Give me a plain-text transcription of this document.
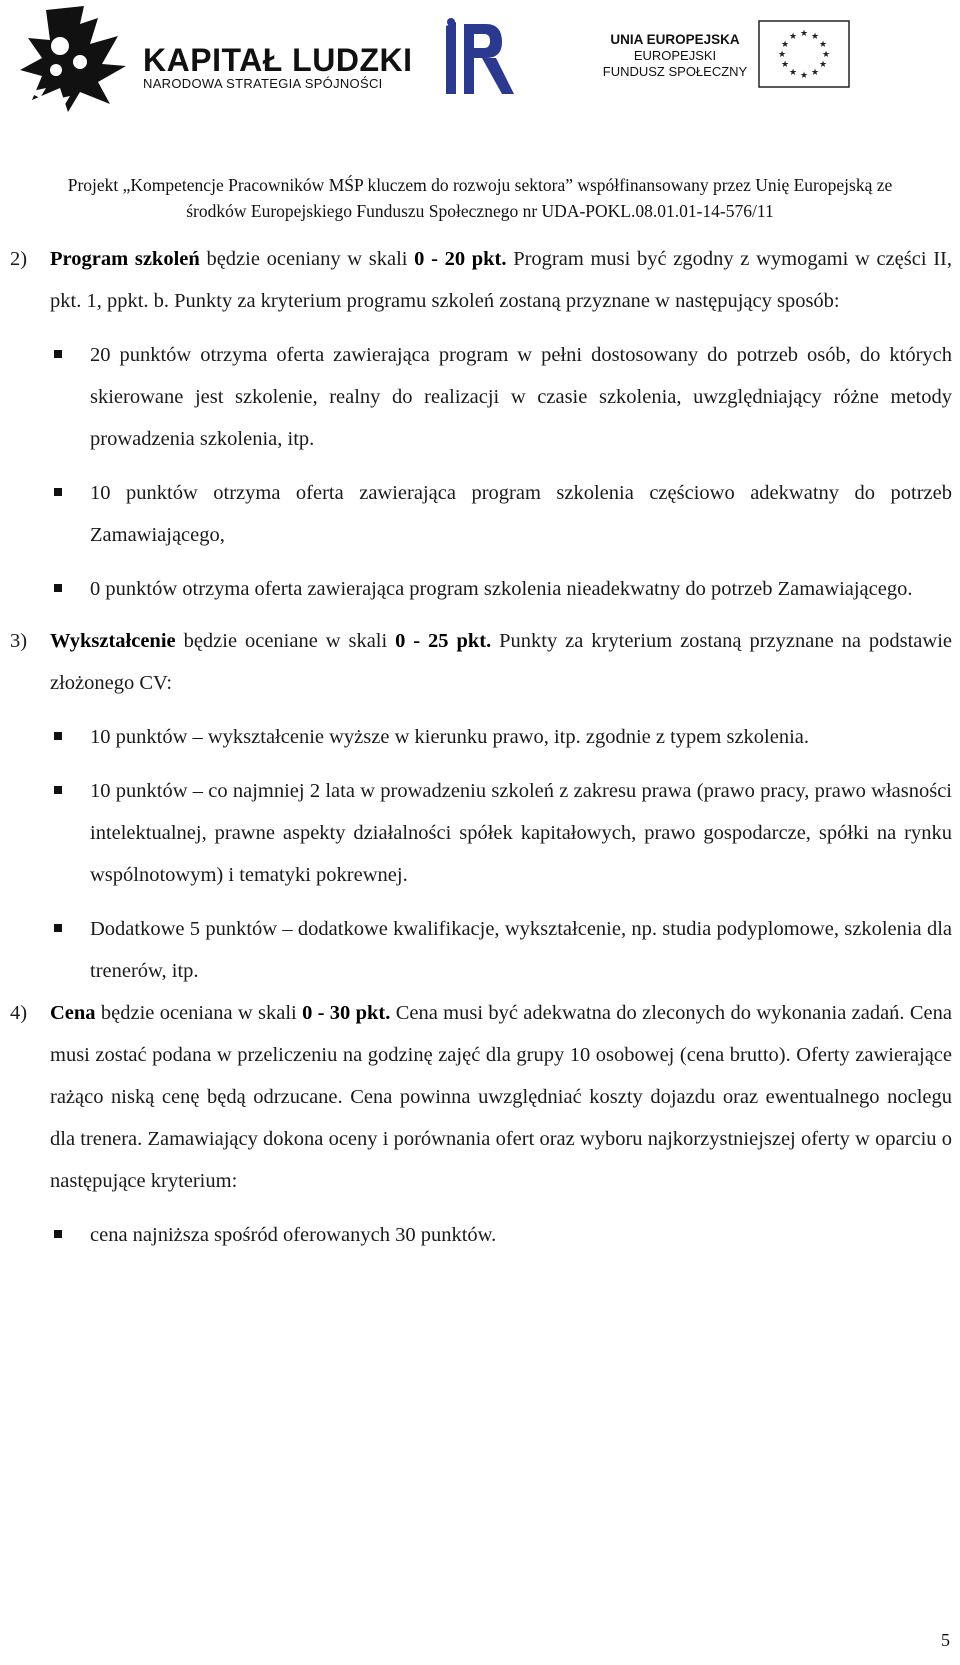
KAPITAŁ LUDZKI
NARODOWA STRATEGIA SPÓJNOŚCI
UNIA EUROPEJSKA
EUROPEJSKI
FUNDUSZ SPOŁECZNY
★ ★
★
★
★
★
★
★
★
★
★
★
Projekt „Kompetencje Pracowników MŚP kluczem do rozwoju sektora” współfinansowany przez Unię Europejską ze
środków Europejskiego Funduszu Społecznego nr UDA-POKL.08.01.01-14-576/11
2) Program szkoleń będzie oceniany w skali 0 - 20 pkt. Program musi być zgodny z wymogami w części II, pkt. 1, ppkt. b. Punkty za kryterium programu szkoleń zostaną przyznane w następujący sposób:
20 punktów otrzyma oferta zawierająca program w pełni dostosowany do potrzeb osób, do których skierowane jest szkolenie, realny do realizacji w czasie szkolenia, uwzględniający różne metody prowadzenia szkolenia, itp.
10 punktów otrzyma oferta zawierająca program szkolenia częściowo adekwatny do potrzeb Zamawiającego,
0 punktów otrzyma oferta zawierająca program szkolenia nieadekwatny do potrzeb Zamawiającego.
3) Wykształcenie będzie oceniane w skali 0 - 25 pkt. Punkty za kryterium zostaną przyznane na podstawie złożonego CV:
10 punktów – wykształcenie wyższe w kierunku prawo, itp. zgodnie z typem szkolenia.
10 punktów – co najmniej 2 lata w prowadzeniu szkoleń z zakresu prawa (prawo pracy, prawo własności intelektualnej, prawne aspekty działalności spółek kapitałowych, prawo gospodarcze, spółki na rynku wspólnotowym) i tematyki pokrewnej.
Dodatkowe 5 punktów – dodatkowe kwalifikacje, wykształcenie, np. studia podyplomowe, szkolenia dla trenerów, itp.
4) Cena będzie oceniana w skali 0 - 30 pkt. Cena musi być adekwatna do zleconych do wykonania zadań. Cena musi zostać podana w przeliczeniu na godzinę zajęć dla grupy 10 osobowej (cena brutto). Oferty zawierające rażąco niską cenę będą odrzucane. Cena powinna uwzględniać koszty dojazdu oraz ewentualnego noclegu dla trenera. Zamawiający dokona oceny i porównania ofert oraz wyboru najkorzystniejszej oferty w oparciu o następujące kryterium:
cena najniższa spośród oferowanych 30 punktów.
5
